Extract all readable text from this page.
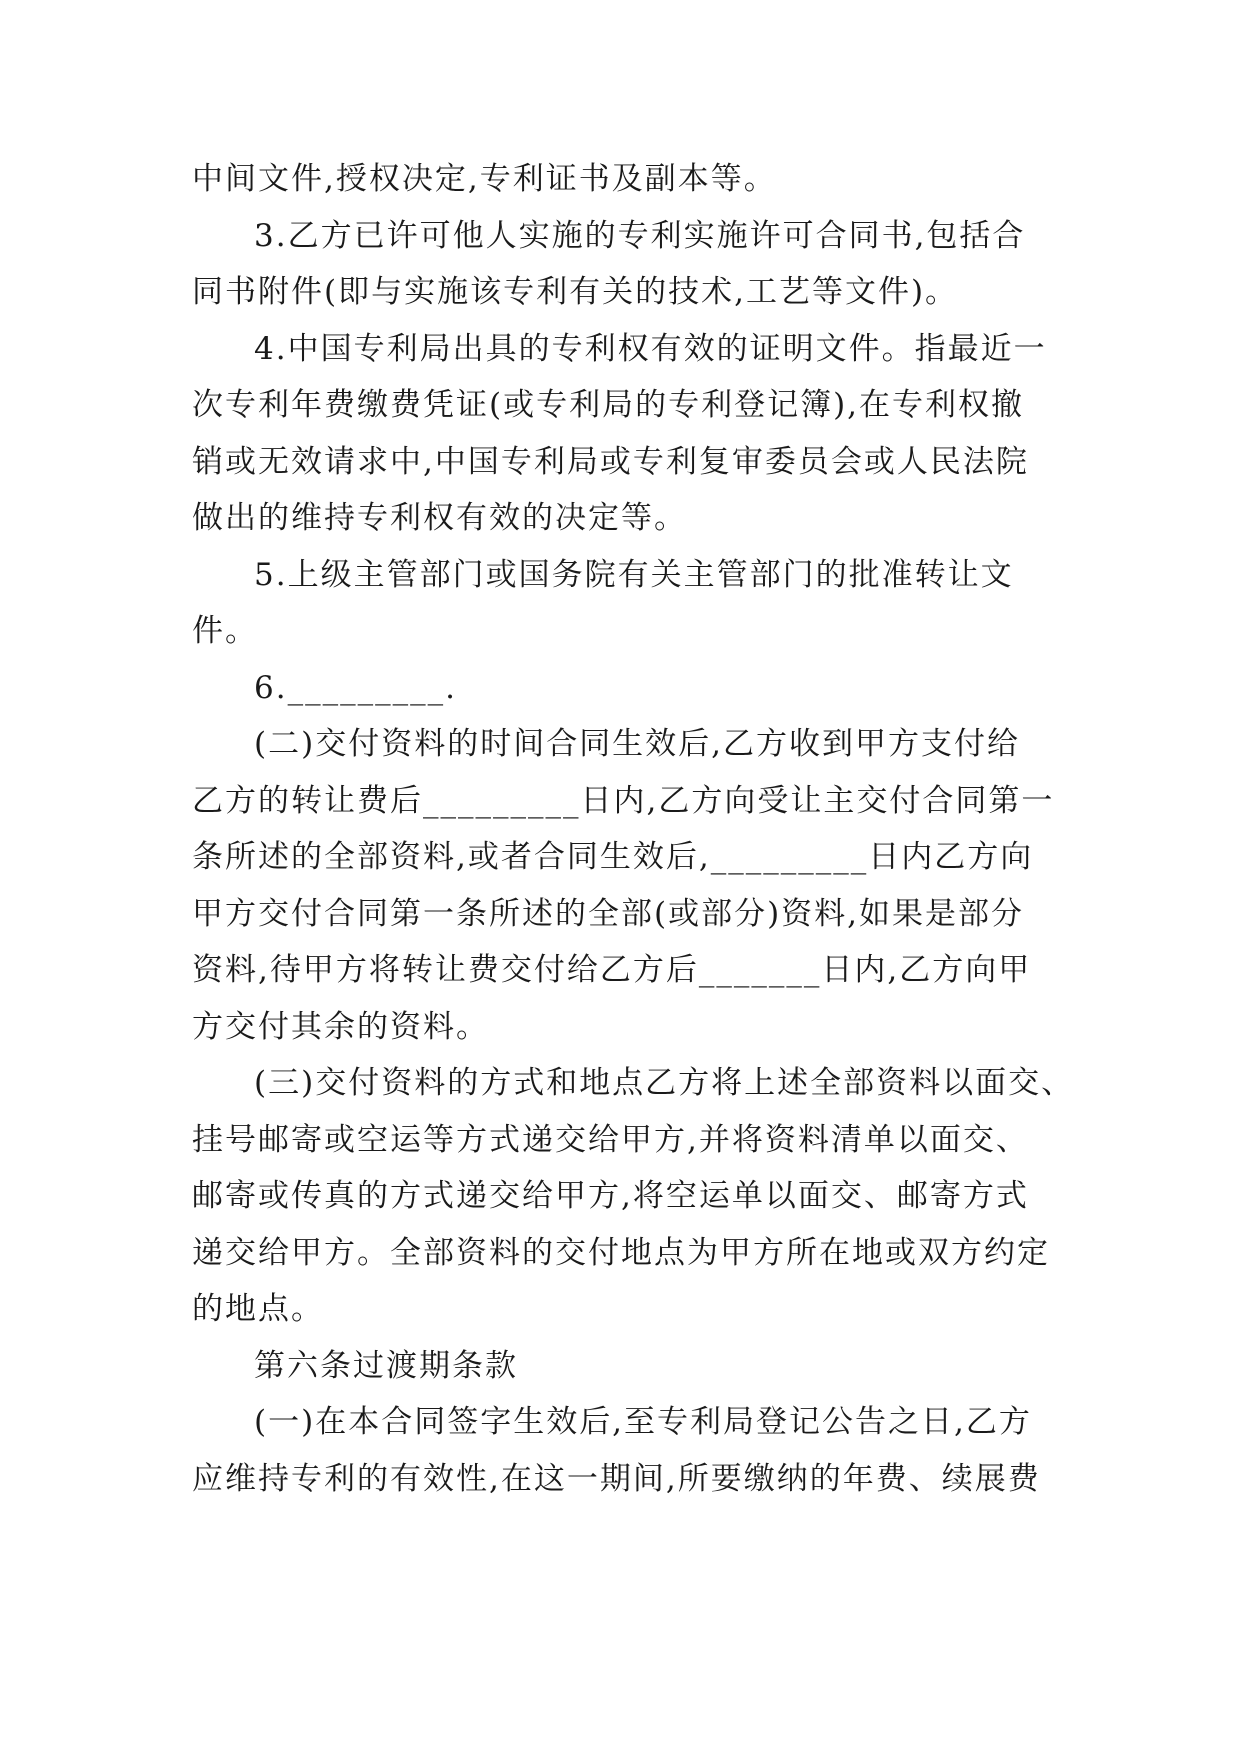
中间文件,授权决定,专利证书及副本等。
3.乙方已许可他人实施的专利实施许可合同书,包括合
同书附件(即与实施该专利有关的技术,工艺等文件)。
4.中国专利局出具的专利权有效的证明文件。指最近一
次专利年费缴费凭证(或专利局的专利登记簿),在专利权撤
销或无效请求中,中国专利局或专利复审委员会或人民法院
做出的维持专利权有效的决定等。
5.上级主管部门或国务院有关主管部门的批准转让文
件。
6._________.
(二)交付资料的时间合同生效后,乙方收到甲方支付给
乙方的转让费后_________日内,乙方向受让主交付合同第一
条所述的全部资料,或者合同生效后,_________日内乙方向
甲方交付合同第一条所述的全部(或部分)资料,如果是部分
资料,待甲方将转让费交付给乙方后_______日内,乙方向甲
方交付其余的资料。
(三)交付资料的方式和地点乙方将上述全部资料以面交、
挂号邮寄或空运等方式递交给甲方,并将资料清单以面交、
邮寄或传真的方式递交给甲方,将空运单以面交、邮寄方式
递交给甲方。全部资料的交付地点为甲方所在地或双方约定
的地点。
第六条过渡期条款
(一)在本合同签字生效后,至专利局登记公告之日,乙方
应维持专利的有效性,在这一期间,所要缴纳的年费、续展费
